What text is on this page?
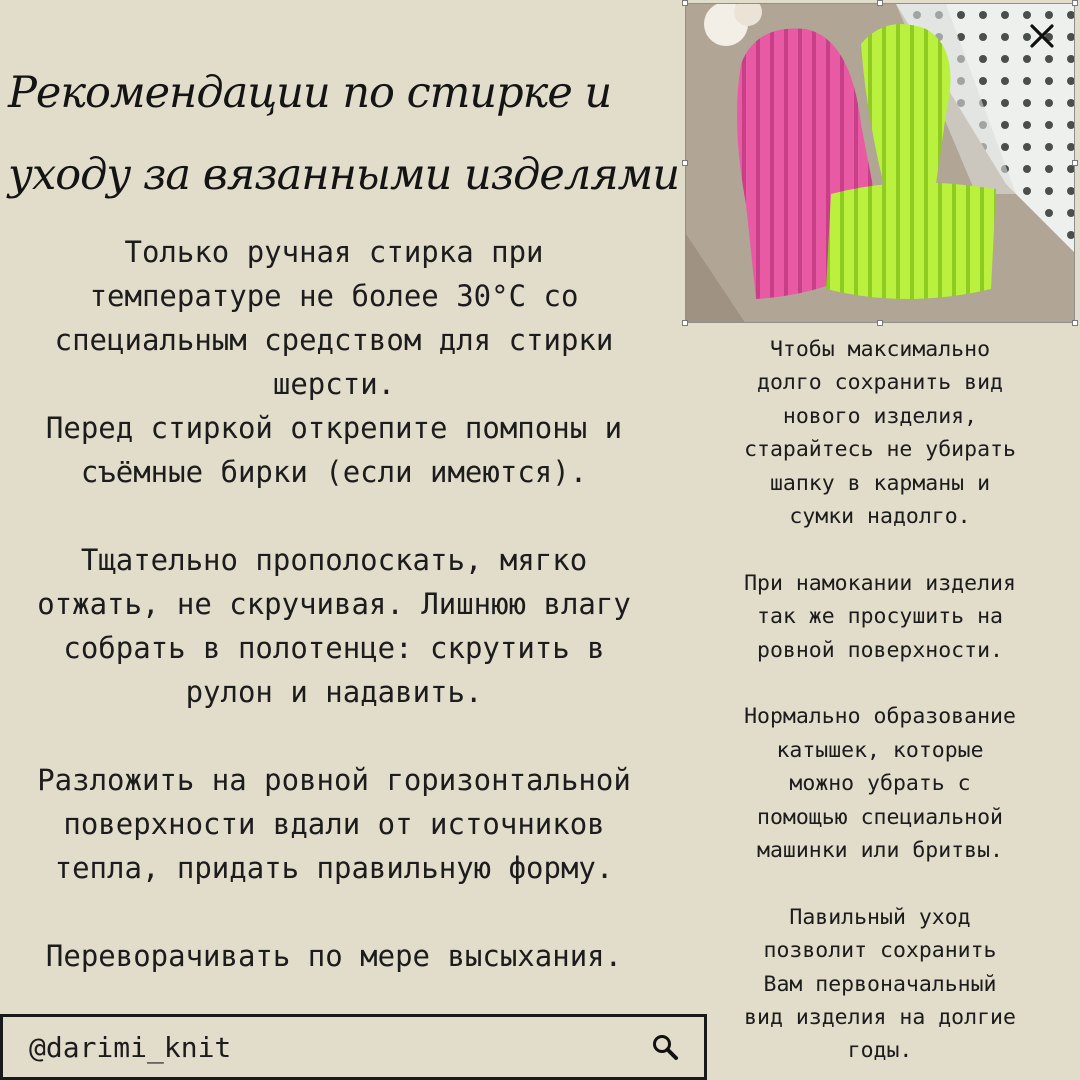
Рекомендации по стирке и
уходу за вязанными изделями

Только ручная стирка при

температуре не более 30°C со

специальным средством для стирки

шерсти.

Перед стиркой открепите помпоны и

съёмные бирки (если имеются).

Тщательно прополоскать, мягко

отжать, не скручивая. Лишнюю влагу

собрать в полотенце: скрутить в

рулон и надавить.

Разложить на ровной горизонтальной

поверхности вдали от источников

тепла, придать правильную форму.

Переворачивать по мере высыхания.

Чтобы максимально

долго сохранить вид

нового изделия,

старайтесь не убирать

шапку в карманы и

сумки надолго.

При намокании изделия

так же просушить на

ровной поверхности.

Нормально образование

катышек, которые

можно убрать с

помощью специальной

машинки или бритвы.

Павильный уход

позволит сохранить

Вам первоначальный

вид изделия на долгие

годы.

@darimi_knit
